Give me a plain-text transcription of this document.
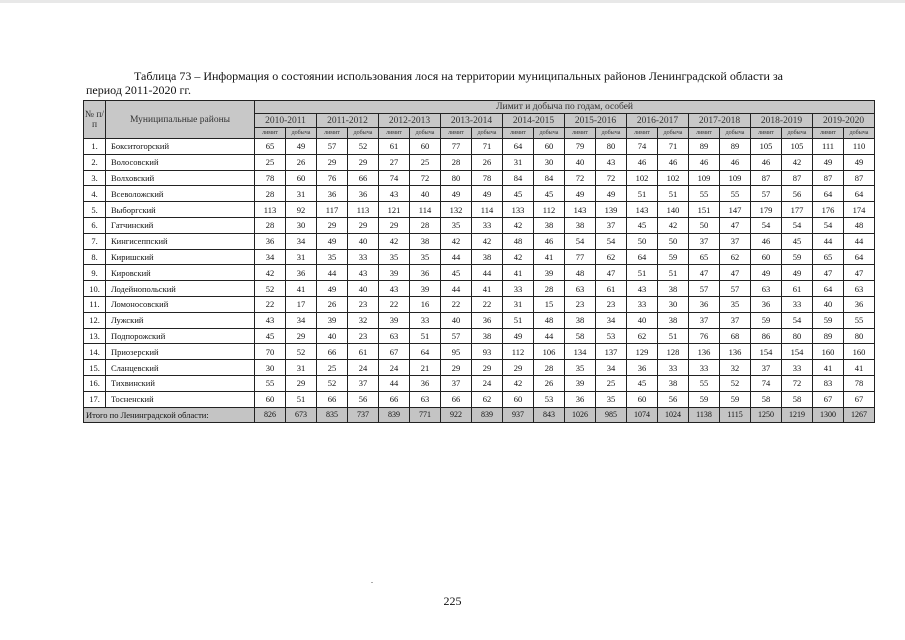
Таблица 73 – Информация о состоянии использования лося на территории муниципальных районов Ленинградской области за
период 2011-2020 гг.
№ п/п	Муниципальные районы	Лимит и добыча по годам, особей																			
		2010-2011		2011-2012		2012-2013		2013-2014		2014-2015		2015-2016		2016-2017		2017-2018		2018-2019		2019-2020	
		лимит	добыча	лимит	добыча	лимит	добыча	лимит	добыча	лимит	добыча	лимит	добыча	лимит	добыча	лимит	добыча	лимит	добыча	лимит	добыча
1.	Бокситогорский	65	49	57	52	61	60	77	71	64	60	79	80	74	71	89	89	105	105	111	110
2.	Волосовский	25	26	29	29	27	25	28	26	31	30	40	43	46	46	46	46	46	42	49	49
3.	Волховский	78	60	76	66	74	72	80	78	84	84	72	72	102	102	109	109	87	87	87	87
4.	Всеволожский	28	31	36	36	43	40	49	49	45	45	49	49	51	51	55	55	57	56	64	64
5.	Выборгский	113	92	117	113	121	114	132	114	133	112	143	139	143	140	151	147	179	177	176	174
6.	Гатчинский	28	30	29	29	29	28	35	33	42	38	38	37	45	42	50	47	54	54	54	48
7.	Кингисеппский	36	34	49	40	42	38	42	42	48	46	54	54	50	50	37	37	46	45	44	44
8.	Киришский	34	31	35	33	35	35	44	38	42	41	77	62	64	59	65	62	60	59	65	64
9.	Кировский	42	36	44	43	39	36	45	44	41	39	48	47	51	51	47	47	49	49	47	47
10.	Лодейнопольский	52	41	49	40	43	39	44	41	33	28	63	61	43	38	57	57	63	61	64	63
11.	Ломоносовский	22	17	26	23	22	16	22	22	31	15	23	23	33	30	36	35	36	33	40	36
12.	Лужский	43	34	39	32	39	33	40	36	51	48	38	34	40	38	37	37	59	54	59	55
13.	Подпорожский	45	29	40	23	63	51	57	38	49	44	58	53	62	51	76	68	86	80	89	80
14.	Приозерский	70	52	66	61	67	64	95	93	112	106	134	137	129	128	136	136	154	154	160	160
15.	Сланцевский	30	31	25	24	24	21	29	29	29	28	35	34	36	33	33	32	37	33	41	41
16.	Тихвинский	55	29	52	37	44	36	37	24	42	26	39	25	45	38	55	52	74	72	83	78
17.	Тосненский	60	51	66	56	66	63	66	62	60	53	36	35	60	56	59	59	58	58	67	67
Итого по Ленинградской области:		826	673	835	737	839	771	922	839	937	843	1026	985	1074	1024	1138	1115	1250	1219	1300	1267
225
